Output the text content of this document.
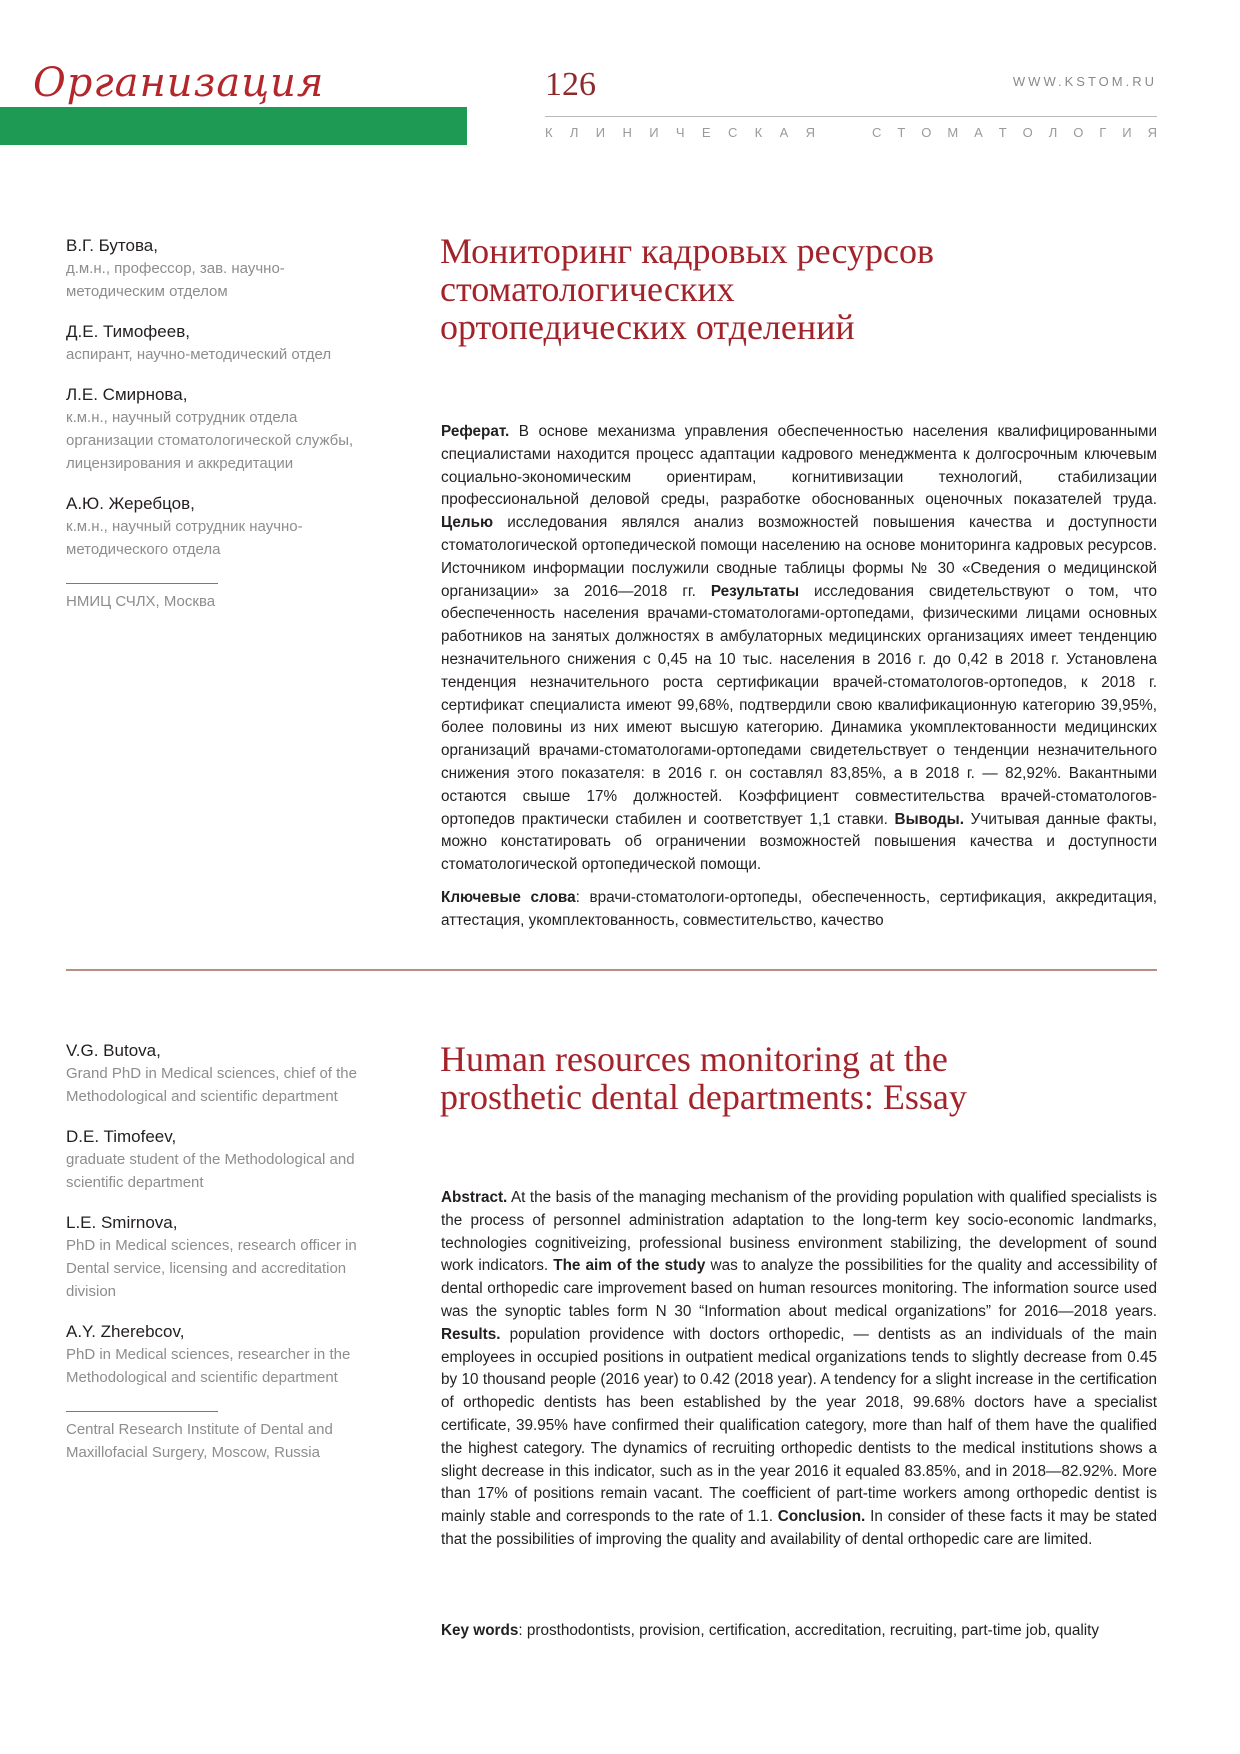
Организация	126	WWW.KSTOM.RU
К Л И Н И Ч Е С К А Я	С Т О М А Т О Л О Г И Я
В.Г. Бутова,
д.м.н., профессор, зав. научно-методическим отделом
Д.Е. Тимофеев,
аспирант, научно-методический отдел
Л.Е. Смирнова,
к.м.н., научный сотрудник отдела организации стоматологической службы, лицензирования и аккредитации
А.Ю. Жеребцов,
к.м.н., научный сотрудник научно-методического отдела
НМИЦ СЧЛХ, Москва
Мониторинг кадровых ресурсов стоматологических ортопедических отделений
Реферат. В основе механизма управления обеспеченностью населения квалифицированными специалистами находится процесс адаптации кадрового менеджмента к долгосрочным ключевым социально-экономическим ориентирам, когнитивизации технологий, стабилизации профессиональной деловой среды, разработке обоснованных оценочных показателей труда. Целью исследования являлся анализ возможностей повышения качества и доступности стоматологической ортопедической помощи населению на основе мониторинга кадровых ресурсов. Источником информации послужили сводные таблицы формы № 30 «Сведения о медицинской организации» за 2016—2018 гг. Результаты исследования свидетельствуют о том, что обеспеченность населения врачами-стоматологами-ортопедами, физическими лицами основных работников на занятых должностях в амбулаторных медицинских организациях имеет тенденцию незначительного снижения с 0,45 на 10 тыс. населения в 2016 г. до 0,42 в 2018 г. Установлена тенденция незначительного роста сертификации врачей-стоматологов-ортопедов, к 2018 г. сертификат специалиста имеют 99,68%, подтвердили свою квалификационную категорию 39,95%, более половины из них имеют высшую категорию. Динамика укомплектованности медицинских организаций врачами-стоматологами-ортопедами свидетельствует о тенденции незначительного снижения этого показателя: в 2016 г. он составлял 83,85%, а в 2018 г. — 82,92%. Вакантными остаются свыше 17% должностей. Коэффициент совместительства врачей-стоматологов-ортопедов практически стабилен и соответствует 1,1 ставки. Выводы. Учитывая данные факты, можно констатировать об ограничении возможностей повышения качества и доступности стоматологической ортопедической помощи.
Ключевые слова: врачи-стоматологи-ортопеды, обеспеченность, сертификация, аккредитация, аттестация, укомплектованность, совместительство, качество
V.G. Butova,
Grand PhD in Medical sciences, chief of the Methodological and scientific department
D.E. Timofeev,
graduate student of the Methodological and scientific department
L.E. Smirnova,
PhD in Medical sciences, research officer in Dental service, licensing and accreditation division
A.Y. Zherebcov,
PhD in Medical sciences, researcher in the Methodological and scientific department
Central Research Institute of Dental and Maxillofacial Surgery, Moscow, Russia
Human resources monitoring at the prosthetic dental departments: Essay
Abstract. At the basis of the managing mechanism of the providing population with qualified specialists is the process of personnel administration adaptation to the long-term key socio-economic landmarks, technologies cognitiveizing, professional business environment stabilizing, the development of sound work indicators. The aim of the study was to analyze the possibilities for the quality and accessibility of dental orthopedic care improvement based on human resources monitoring. The information source used was the synoptic tables form N 30 “Information about medical organizations” for 2016—2018 years. Results. population providence with doctors orthopedic, — dentists as an individuals of the main employees in occupied positions in outpatient medical organizations tends to slightly decrease from 0.45 by 10 thousand people (2016 year) to 0.42 (2018 year). A tendency for a slight increase in the certification of orthopedic dentists has been established by the year 2018, 99.68% doctors have a specialist certificate, 39.95% have confirmed their qualification category, more than half of them have the qualified the highest category. The dynamics of recruiting orthopedic dentists to the medical institutions shows a slight decrease in this indicator, such as in the year 2016 it equaled 83.85%, and in 2018—82.92%. More than 17% of positions remain vacant. The coefficient of part-time workers among orthopedic dentist is mainly stable and corresponds to the rate of 1.1. Conclusion. In consider of these facts it may be stated that the possibilities of improving the quality and availability of dental orthopedic care are limited.
Key words: prosthodontists, provision, certification, accreditation, recruiting, part-time job, quality
